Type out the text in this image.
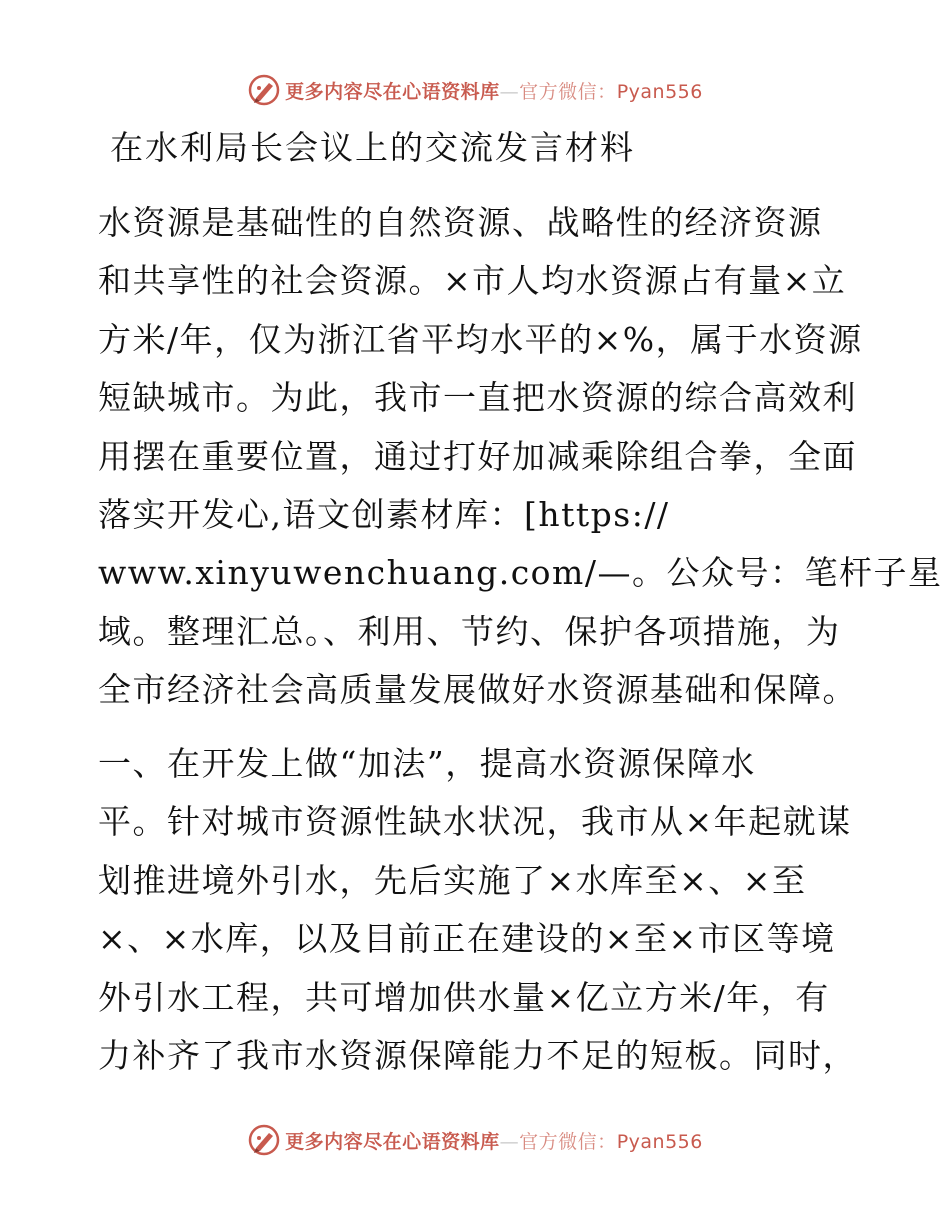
更多内容尽在心语资料库—官方微信：Pyan556
在水利局长会议上的交流发言材料

水资源是基础性的自然资源、战略性的经济资源
和共享性的社会资源。×市人均水资源占有量×立
方米/年，仅为浙江省平均水平的×%，属于水资源
短缺城市。为此，我市一直把水资源的综合高效利
用摆在重要位置，通过打好加减乘除组合拳，全面
落实开发心,语文创素材库：[https://
www.xinyuwenchuang.com/—。公众号：笔杆子星
域。整理汇总。、利用、节约、保护各项措施，为
全市经济社会高质量发展做好水资源基础和保障。

一、在开发上做“加法”，提高水资源保障水
平。针对城市资源性缺水状况，我市从×年起就谋
划推进境外引水，先后实施了×水库至×、×至
×、×水库，以及目前正在建设的×至×市区等境
外引水工程，共可增加供水量×亿立方米/年，有
力补齐了我市水资源保障能力不足的短板。同时，

更多内容尽在心语资料库—官方微信：Pyan556
